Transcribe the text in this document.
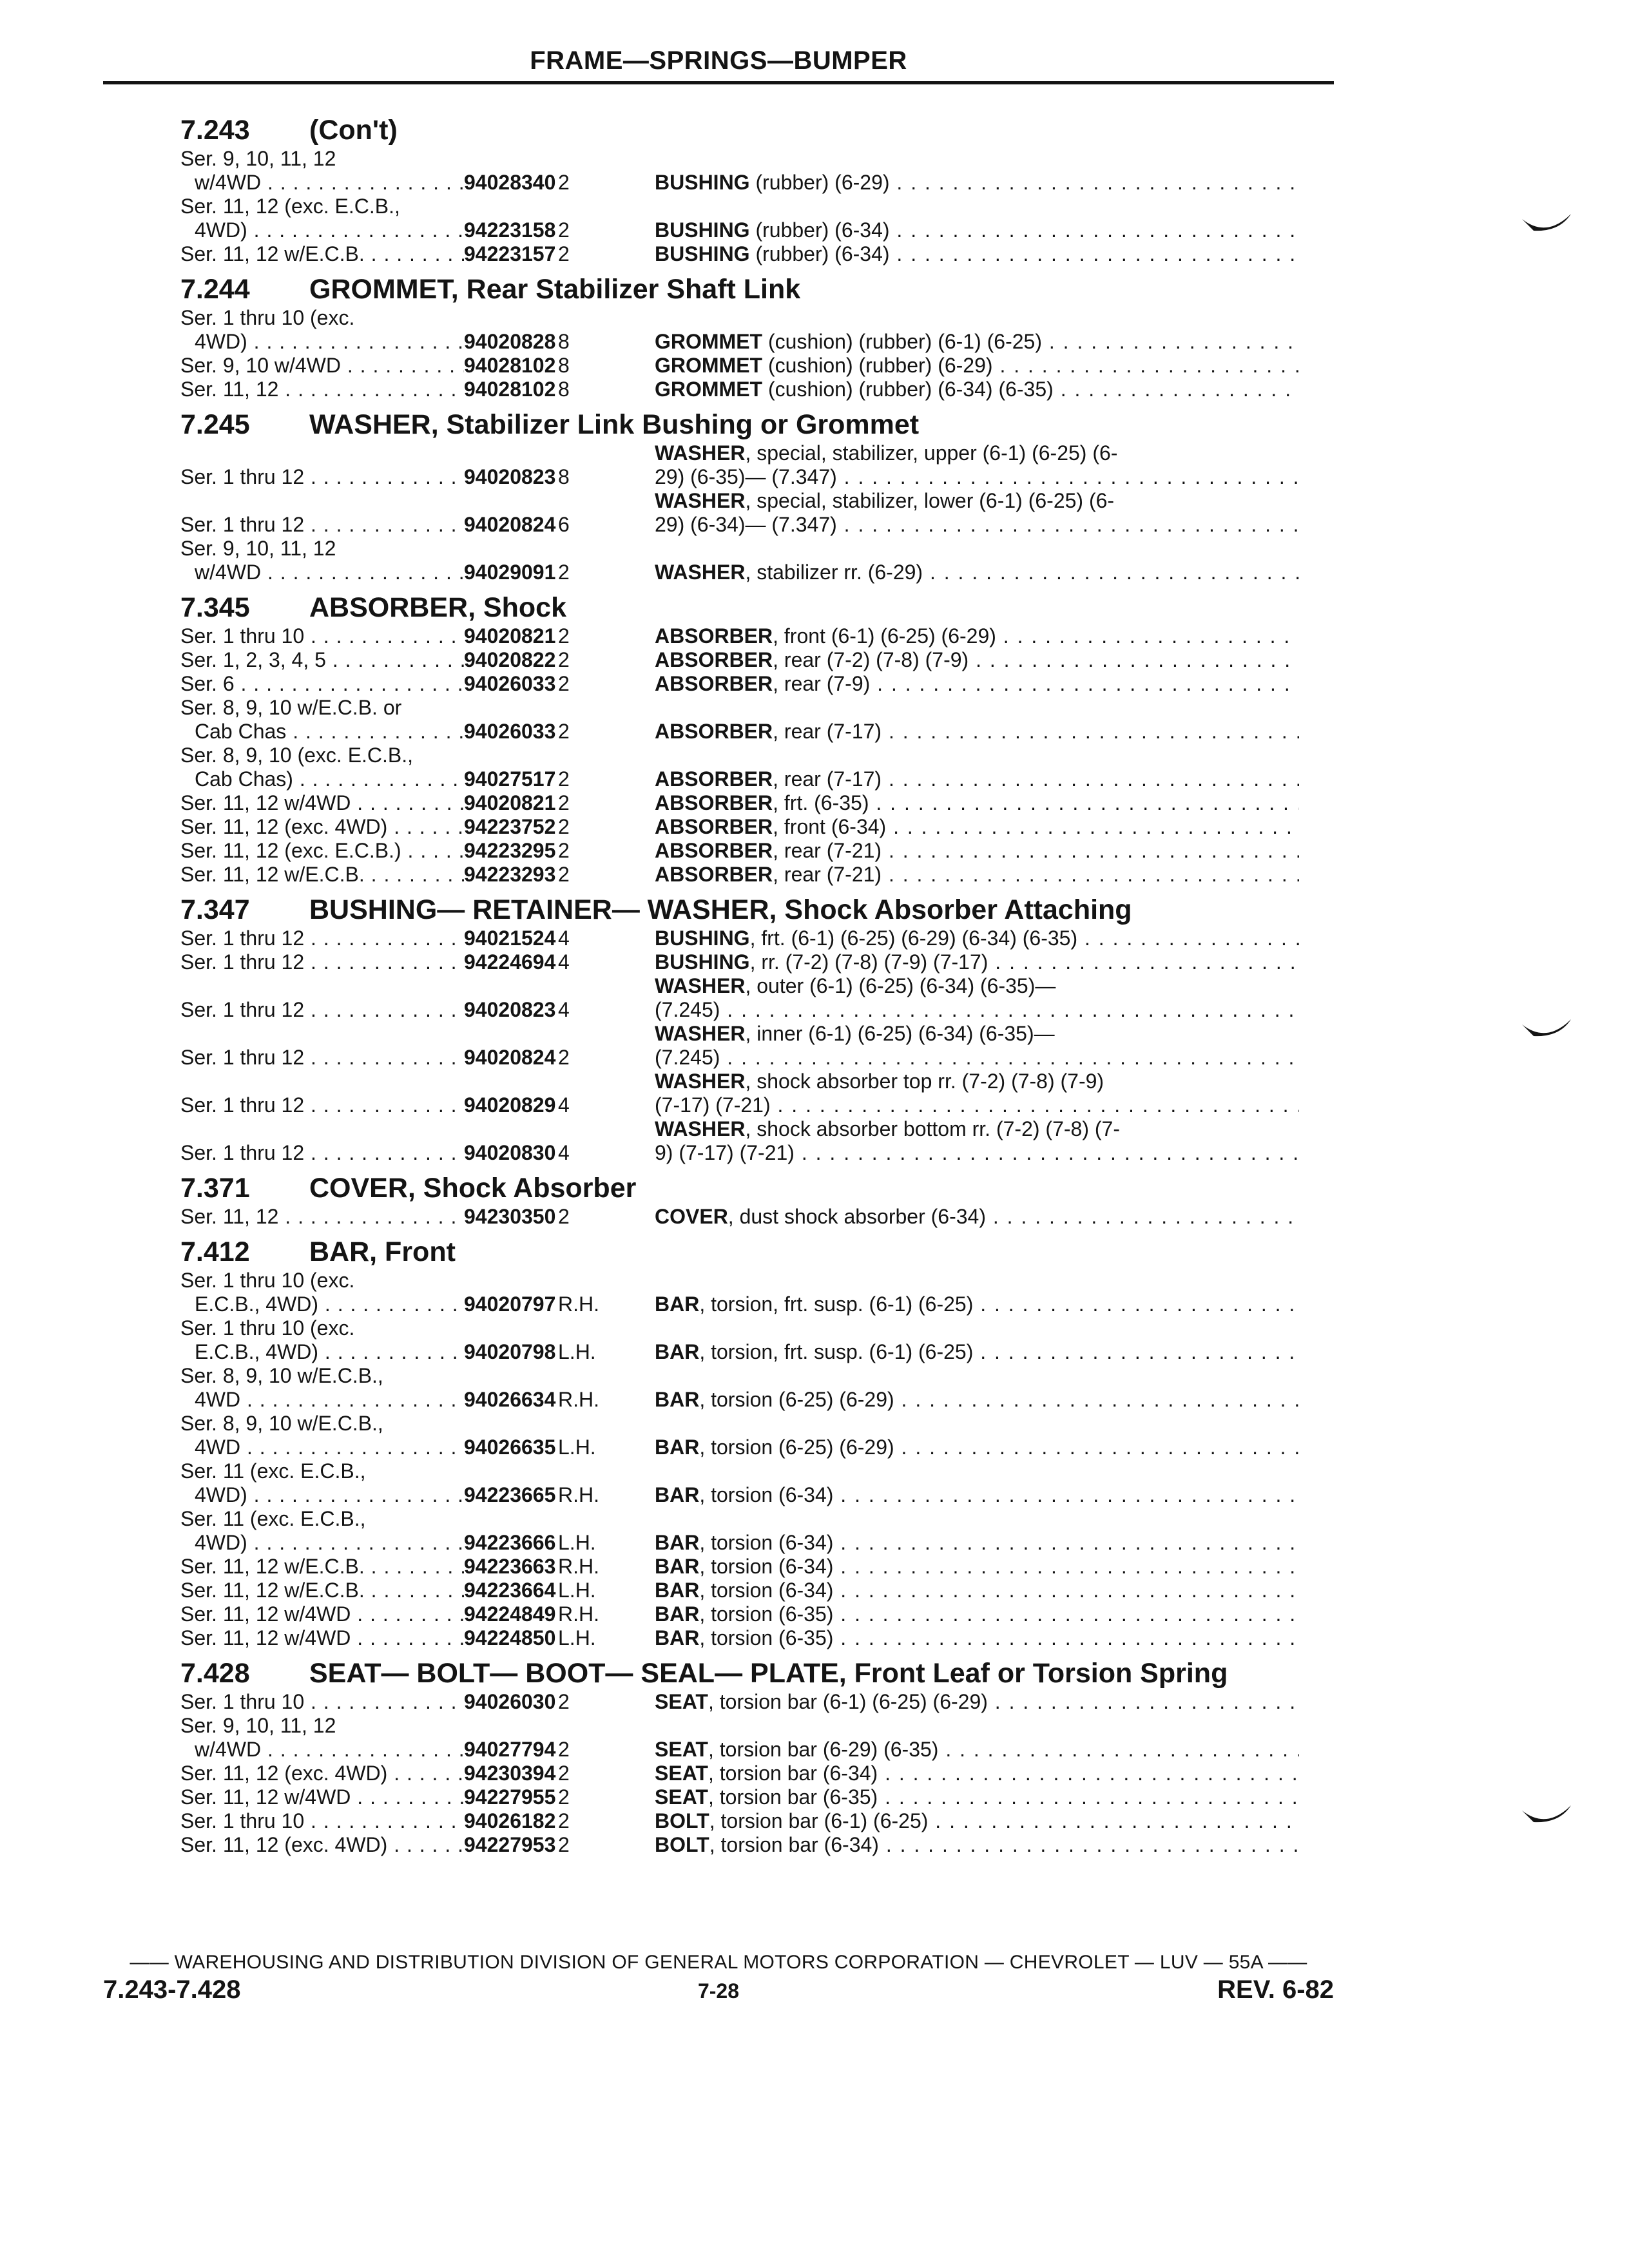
FRAME—SPRINGS—BUMPER
7.243 (Con't)
Ser. 9, 10, 11, 12
w/4WD . . .	94028340 2	BUSHING (rubber) (6-29) . . .
Ser. 11, 12 (exc. E.C.B.,
4WD) . . .	94223158 2	BUSHING (rubber) (6-34) . . .
Ser. 11, 12 w/E.C.B. . . .	94223157 2	BUSHING (rubber) (6-34) . . .
7.244 GROMMET, Rear Stabilizer Shaft Link
Ser. 1 thru 10 (exc.
4WD) . . .	94020828 8	GROMMET (cushion) (rubber) (6-1) (6-25) . . .
Ser. 9, 10 w/4WD . . .	94028102 8	GROMMET (cushion) (rubber) (6-29) . . .
Ser. 11, 12 . . .	94028102 8	GROMMET (cushion) (rubber) (6-34) (6-35) . . .
7.245 WASHER, Stabilizer Link Bushing or Grommet
Ser. 1 thru 12 . . .	94020823 8
WASHER, special, stabilizer, upper (6-1) (6-25) (6-
29) (6-35)— (7.347) . . .
Ser. 1 thru 12 . . .	94020824 6
WASHER, special, stabilizer, lower (6-1) (6-25) (6-
29) (6-34)— (7.347) . . .
Ser. 9, 10, 11, 12
w/4WD . . .	94029091 2	WASHER, stabilizer rr. (6-29) . . .
7.345 ABSORBER, Shock
Ser. 1 thru 10 . . .	94020821 2	ABSORBER, front (6-1) (6-25) (6-29) . . .
Ser. 1, 2, 3, 4, 5 . . .	94020822 2	ABSORBER, rear (7-2) (7-8) (7-9) . . .
Ser. 6 . . .	94026033 2	ABSORBER, rear (7-9) . . .
Ser. 8, 9, 10 w/E.C.B. or
Cab Chas . . .	94026033 2	ABSORBER, rear (7-17) . . .
Ser. 8, 9, 10 (exc. E.C.B.,
Cab Chas) . . .	94027517 2	ABSORBER, rear (7-17) . . .
Ser. 11, 12 w/4WD . . .	94020821 2	ABSORBER, frt. (6-35) . . .
Ser. 11, 12 (exc. 4WD) . . .	94223752 2	ABSORBER, front (6-34) . . .
Ser. 11, 12 (exc. E.C.B.) . . .	94223295 2	ABSORBER, rear (7-21) . . .
Ser. 11, 12 w/E.C.B. . . .	94223293 2	ABSORBER, rear (7-21) . . .
7.347 BUSHING— RETAINER— WASHER, Shock Absorber Attaching
Ser. 1 thru 12 . . .	94021524 4	BUSHING, frt. (6-1) (6-25) (6-29) (6-34) (6-35) . . .
Ser. 1 thru 12 . . .	94224694 4	BUSHING, rr. (7-2) (7-8) (7-9) (7-17) . . .
Ser. 1 thru 12 . . .	94020823 4
WASHER, outer (6-1) (6-25) (6-34) (6-35)—
(7.245) . . .
Ser. 1 thru 12 . . .	94020824 2
WASHER, inner (6-1) (6-25) (6-34) (6-35)—
(7.245) . . .
Ser. 1 thru 12 . . .	94020829 4
WASHER, shock absorber top rr. (7-2) (7-8) (7-9)
(7-17) (7-21) . . .
Ser. 1 thru 12 . . .	94020830 4
WASHER, shock absorber bottom rr. (7-2) (7-8) (7-
9) (7-17) (7-21) . . .
7.371 COVER, Shock Absorber
Ser. 11, 12 . . .	94230350 2	COVER, dust shock absorber (6-34) . . .
7.412 BAR, Front
Ser. 1 thru 10 (exc.
E.C.B., 4WD) . . .	94020797 R.H.	BAR, torsion, frt. susp. (6-1) (6-25) . . .
Ser. 1 thru 10 (exc.
E.C.B., 4WD) . . .	94020798 L.H.	BAR, torsion, frt. susp. (6-1) (6-25) . . .
Ser. 8, 9, 10 w/E.C.B.,
4WD . . .	94026634 R.H.	BAR, torsion (6-25) (6-29) . . .
Ser. 8, 9, 10 w/E.C.B.,
4WD . . .	94026635 L.H.	BAR, torsion (6-25) (6-29) . . .
Ser. 11 (exc. E.C.B.,
4WD) . . .	94223665 R.H.	BAR, torsion (6-34) . . .
Ser. 11 (exc. E.C.B.,
4WD) . . .	94223666 L.H.	BAR, torsion (6-34) . . .
Ser. 11, 12 w/E.C.B. . . .	94223663 R.H.	BAR, torsion (6-34) . . .
Ser. 11, 12 w/E.C.B. . . .	94223664 L.H.	BAR, torsion (6-34) . . .
Ser. 11, 12 w/4WD . . .	94224849 R.H.	BAR, torsion (6-35) . . .
Ser. 11, 12 w/4WD . . .	94224850 L.H.	BAR, torsion (6-35) . . .
7.428 SEAT— BOLT— BOOT— SEAL— PLATE, Front Leaf or Torsion Spring
Ser. 1 thru 10 . . .	94026030 2	SEAT, torsion bar (6-1) (6-25) (6-29) . . .
Ser. 9, 10, 11, 12
w/4WD . . .	94027794 2	SEAT, torsion bar (6-29) (6-35) . . .
Ser. 11, 12 (exc. 4WD) . . .	94230394 2	SEAT, torsion bar (6-34) . . .
Ser. 11, 12 w/4WD . . .	94227955 2	SEAT, torsion bar (6-35) . . .
Ser. 1 thru 10 . . .	94026182 2	BOLT, torsion bar (6-1) (6-25) . . .
Ser. 11, 12 (exc. 4WD) . . .	94227953 2	BOLT, torsion bar (6-34) . . .
—— WAREHOUSING AND DISTRIBUTION DIVISION OF GENERAL MOTORS CORPORATION — CHEVROLET — LUV — 55A ——
7.243-7.428	7-28	REV. 6-82
